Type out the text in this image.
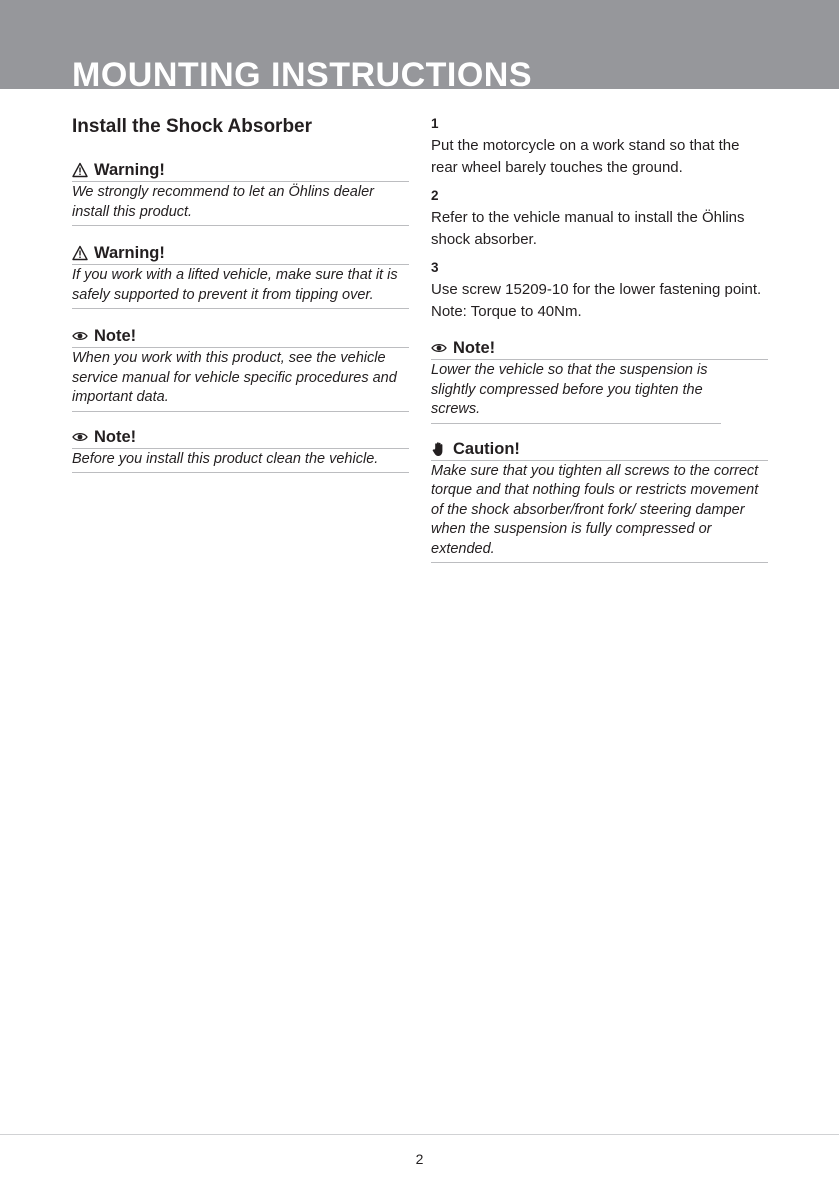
MOUNTING INSTRUCTIONS
Install the Shock Absorber
Warning!
We strongly recommend to let an Öhlins dealer install this product.
Warning!
If you work with a lifted vehicle, make sure that it is safely supported to prevent it from tipping over.
Note!
When you work with this product, see the vehicle service manual for vehicle specific procedures and important data.
Note!
Before you install this product clean the vehicle.
1

Put the motorcycle on a work stand so that the rear wheel barely touches the ground.

2

Refer to the vehicle manual to install the Öhlins shock absorber.

3

Use screw 15209-10 for the lower fastening point.

Note: Torque to 40Nm.

Note!
Lower the vehicle so that the suspension is slightly compressed before you tighten the screws.
Caution!
Make sure that you tighten all screws to the correct torque and that nothing fouls or restricts movement of the shock absorber/front fork/ steering damper when the suspension is fully compressed or extended.
2
